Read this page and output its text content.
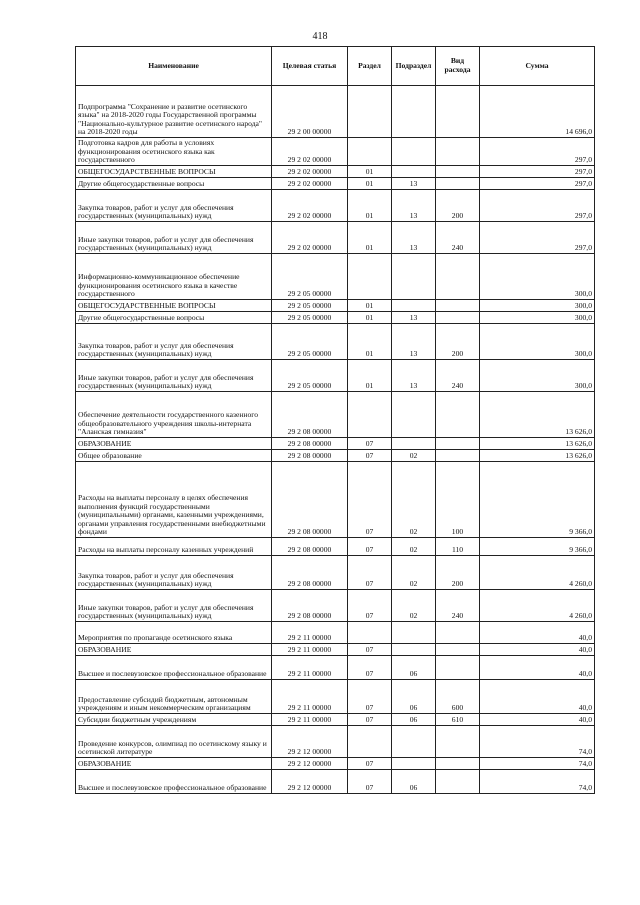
418
Наименование	Целевая статья	Раздел	Подраздел	Вид расхода	Сумма
Подпрограмма "Сохранение и развитие осетинского языка" на 2018-2020 годы Государственной программы "Национально-культурное развитие осетинского народа" на 2018-2020 годы	29 2 00 00000				14 696,0
Подготовка кадров для работы в условиях функционирования осетинского языка как государственного	29 2 02 00000				297,0
ОБЩЕГОСУДАРСТВЕННЫЕ ВОПРОСЫ	29 2 02 00000	01			297,0
Другие общегосударственные вопросы	29 2 02 00000	01	13		297,0
Закупка товаров, работ и услуг для обеспечения государственных (муниципальных) нужд	29 2 02 00000	01	13	200	297,0
Иные закупки товаров, работ и услуг для обеспечения государственных (муниципальных) нужд	29 2 02 00000	01	13	240	297,0
Информационно-коммуникационное обеспечение функционирования осетинского языка в качестве государственного	29 2 05 00000				300,0
ОБЩЕГОСУДАРСТВЕННЫЕ ВОПРОСЫ	29 2 05 00000	01			300,0
Другие общегосударственные вопросы	29 2 05 00000	01	13		300,0
Закупка товаров, работ и услуг для обеспечения государственных (муниципальных) нужд	29 2 05 00000	01	13	200	300,0
Иные закупки товаров, работ и услуг для обеспечения государственных (муниципальных) нужд	29 2 05 00000	01	13	240	300,0
Обеспечение деятельности государственного казенного общеобразовательного учреждения школы-интерната "Аланская гимназия"	29 2 08 00000				13 626,0
ОБРАЗОВАНИЕ	29 2 08 00000	07			13 626,0
Общее образование	29 2 08 00000	07	02		13 626,0
Расходы на выплаты персоналу в целях обеспечения выполнения функций государственными (муниципальными) органами, казенными учреждениями, органами управления государственными внебюджетными фондами	29 2 08 00000	07	02	100	9 366,0
Расходы на выплаты персоналу казенных учреждений	29 2 08 00000	07	02	110	9 366,0
Закупка товаров, работ и услуг для обеспечения государственных (муниципальных) нужд	29 2 08 00000	07	02	200	4 260,0
Иные закупки товаров, работ и услуг для обеспечения государственных (муниципальных) нужд	29 2 08 00000	07	02	240	4 260,0
Мероприятия по пропаганде осетинского языка	29 2 11 00000				40,0
ОБРАЗОВАНИЕ	29 2 11 00000	07			40,0
Высшее и послевузовское профессиональное образование	29 2 11 00000	07	06		40,0
Предоставление субсидий бюджетным, автономным учреждениям и иным некоммерческим организациям	29 2 11 00000	07	06	600	40,0
Субсидии бюджетным учреждениям	29 2 11 00000	07	06	610	40,0
Проведение конкурсов, олимпиад по осетинскому языку и осетинской литературе	29 2 12 00000				74,0
ОБРАЗОВАНИЕ	29 2 12 00000	07			74,0
Высшее и послевузовское профессиональное образование	29 2 12 00000	07	06		74,0
